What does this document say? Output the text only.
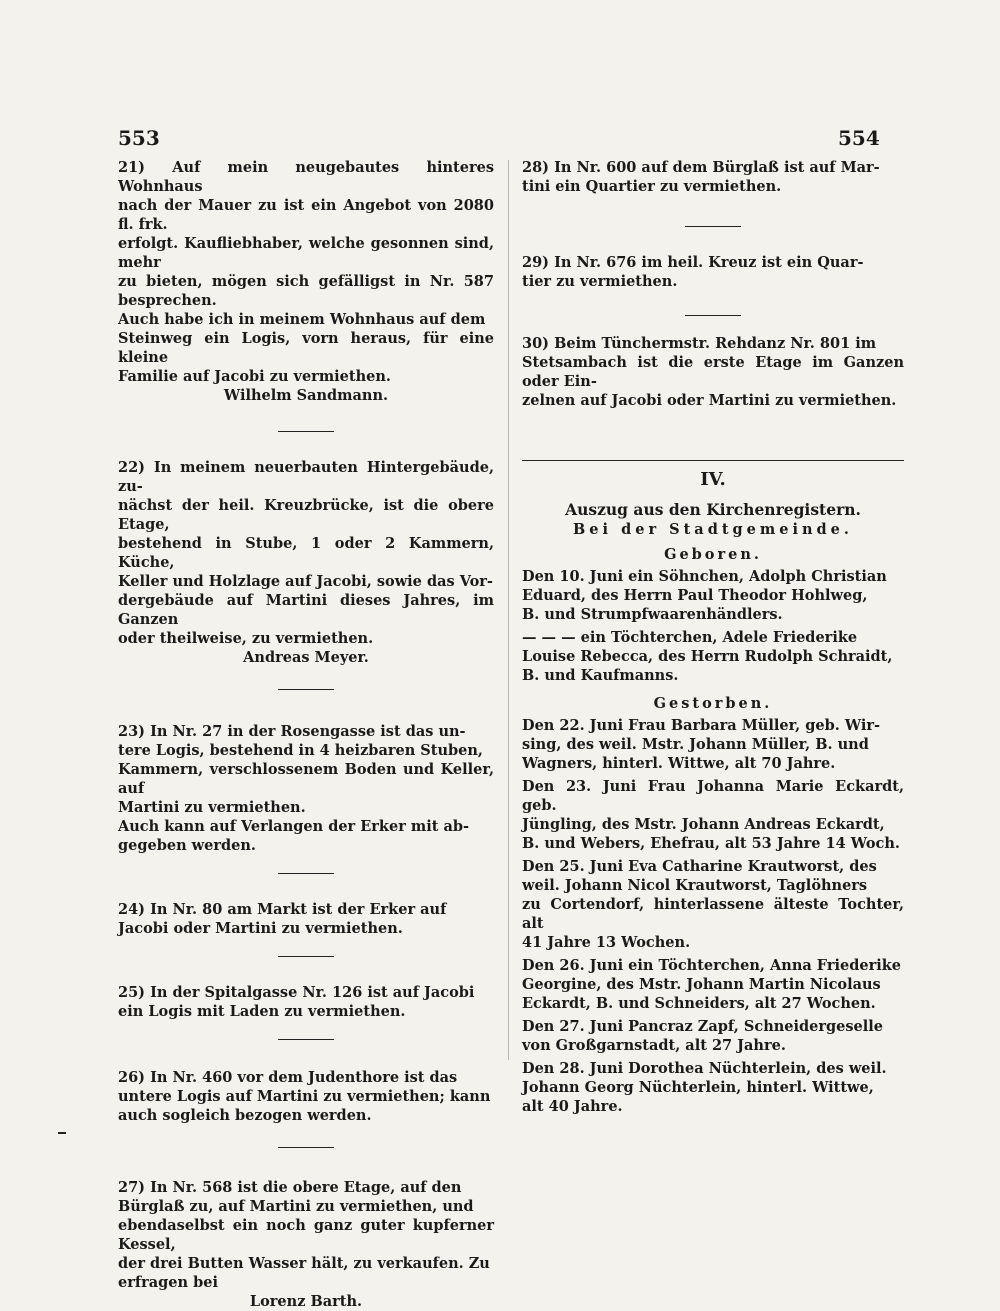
553	554

21) Auf mein neugebautes hinteres Wohnhaus
nach der Mauer zu ist ein Angebot von 2080 fl. frk.
erfolgt. Kaufliebhaber, welche gesonnen sind, mehr
zu bieten, mögen sich gefälligst in Nr. 587 besprechen.
Auch habe ich in meinem Wohnhaus auf dem
Steinweg ein Logis, vorn heraus, für eine kleine
Familie auf Jacobi zu vermiethen.

Wilhelm Sandmann.

22) In meinem neuerbauten Hintergebäude, zu-
nächst der heil. Kreuzbrücke, ist die obere Etage,
bestehend in Stube, 1 oder 2 Kammern, Küche,
Keller und Holzlage auf Jacobi, sowie das Vor-
dergebäude auf Martini dieses Jahres, im Ganzen
oder theilweise, zu vermiethen.

Andreas Meyer.

23) In Nr. 27 in der Rosengasse ist das un-
tere Logis, bestehend in 4 heizbaren Stuben,
Kammern, verschlossenem Boden und Keller, auf
Martini zu vermiethen.
Auch kann auf Verlangen der Erker mit ab-
gegeben werden.

24) In Nr. 80 am Markt ist der Erker auf
Jacobi oder Martini zu vermiethen.

25) In der Spitalgasse Nr. 126 ist auf Jacobi
ein Logis mit Laden zu vermiethen.

26) In Nr. 460 vor dem Judenthore ist das
untere Logis auf Martini zu vermiethen; kann
auch sogleich bezogen werden.

27) In Nr. 568 ist die obere Etage, auf den
Bürglaß zu, auf Martini zu vermiethen, und
ebendaselbst ein noch ganz guter kupferner Kessel,
der drei Butten Wasser hält, zu verkaufen. Zu
erfragen bei

Lorenz Barth.

28) In Nr. 600 auf dem Bürglaß ist auf Mar-
tini ein Quartier zu vermiethen.

29) In Nr. 676 im heil. Kreuz ist ein Quar-
tier zu vermiethen.

30) Beim Tünchermstr. Rehdanz Nr. 801 im
Stetsambach ist die erste Etage im Ganzen oder Ein-
zelnen auf Jacobi oder Martini zu vermiethen.

IV.

Auszug aus den Kirchenregistern.

Bei der Stadtgemeinde.

Geboren.

Den 10. Juni ein Söhnchen, Adolph Christian
Eduard, des Herrn Paul Theodor Hohlweg,
B. und Strumpfwaarenhändlers.

— — — ein Töchterchen, Adele Friederike
Louise Rebecca, des Herrn Rudolph Schraidt,
B. und Kaufmanns.

Gestorben.

Den 22. Juni Frau Barbara Müller, geb. Wir-
sing, des weil. Mstr. Johann Müller, B. und
Wagners, hinterl. Wittwe, alt 70 Jahre.

Den 23. Juni Frau Johanna Marie Eckardt, geb.
Jüngling, des Mstr. Johann Andreas Eckardt,
B. und Webers, Ehefrau, alt 53 Jahre 14 Woch.

Den 25. Juni Eva Catharine Krautworst, des
weil. Johann Nicol Krautworst, Taglöhners
zu Cortendorf, hinterlassene älteste Tochter, alt
41 Jahre 13 Wochen.

Den 26. Juni ein Töchterchen, Anna Friederike
Georgine, des Mstr. Johann Martin Nicolaus
Eckardt, B. und Schneiders, alt 27 Wochen.

Den 27. Juni Pancraz Zapf, Schneidergeselle
von Großgarnstadt, alt 27 Jahre.

Den 28. Juni Dorothea Nüchterlein, des weil.
Johann Georg Nüchterlein, hinterl. Wittwe,
alt 40 Jahre.
